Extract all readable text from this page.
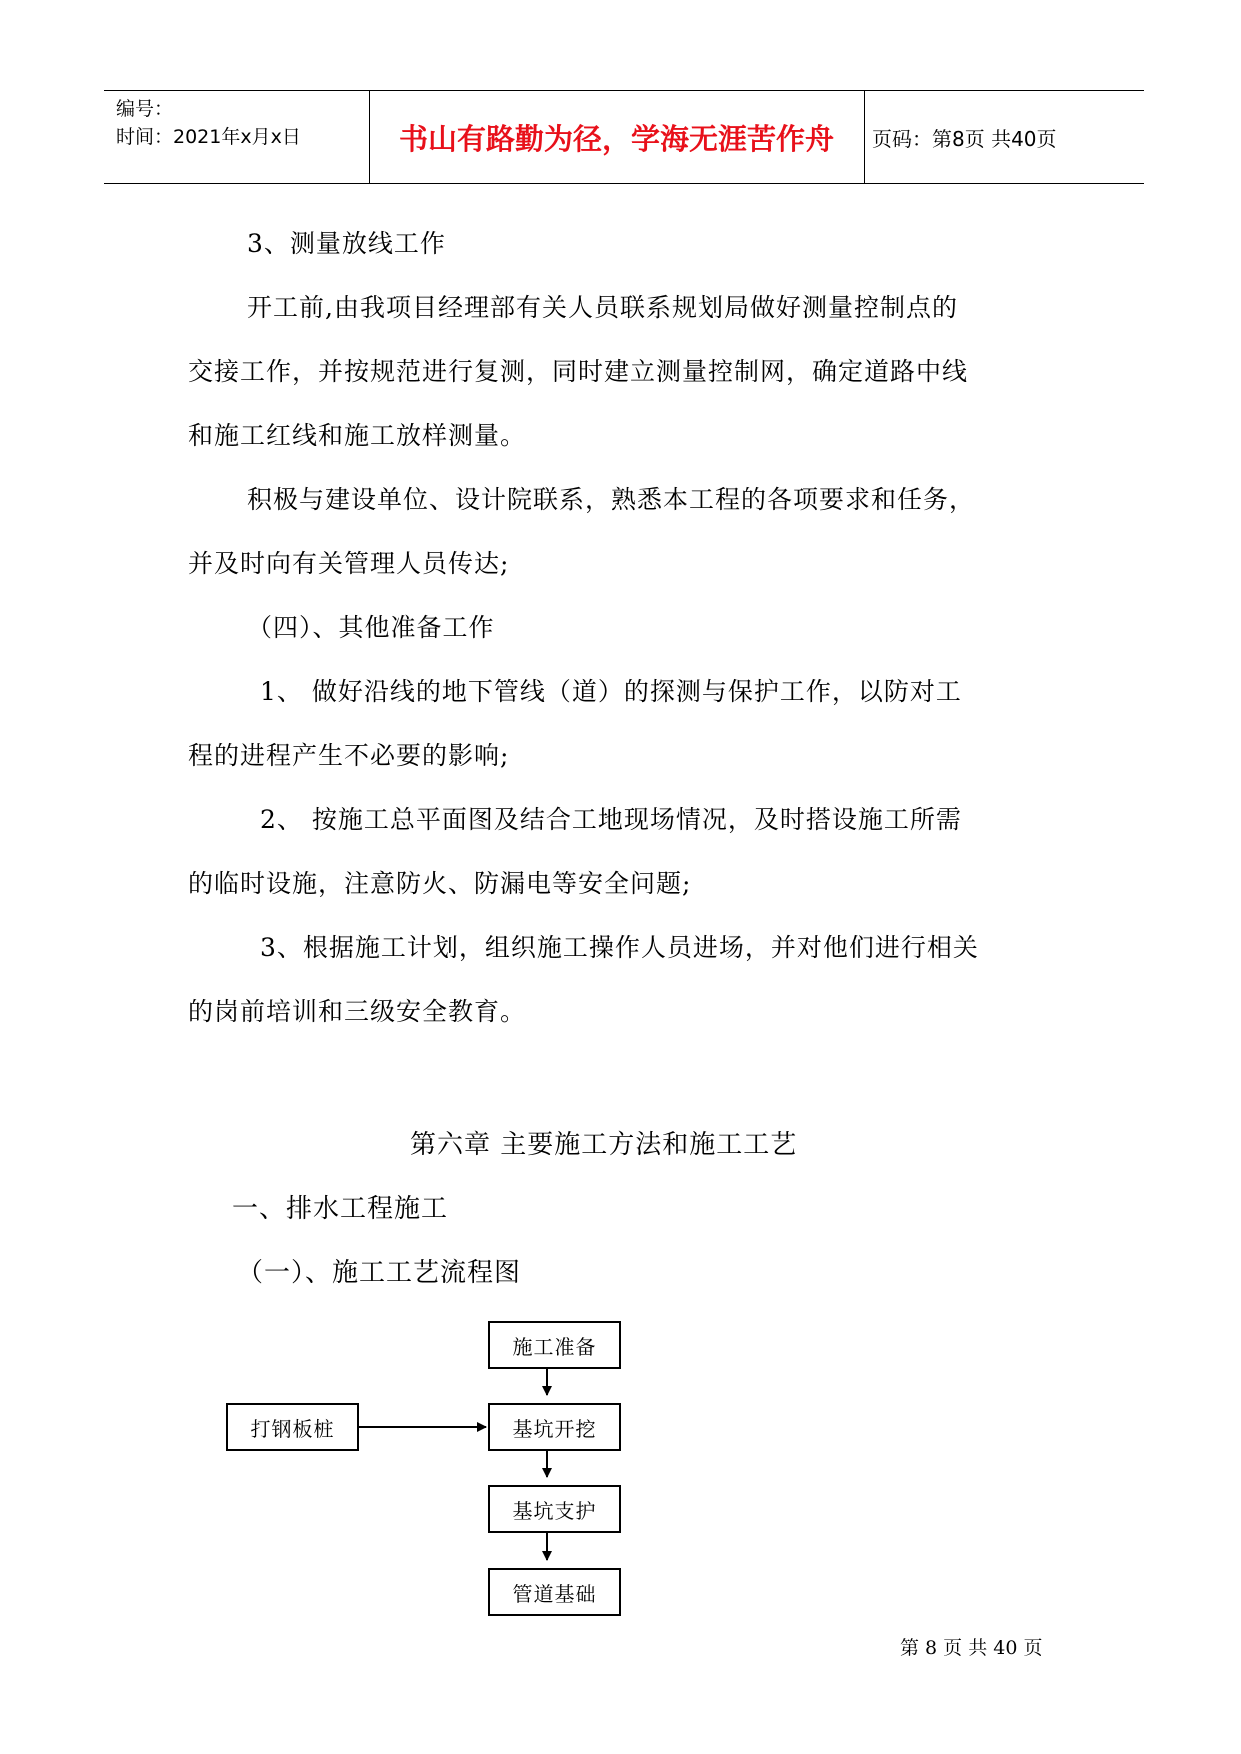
编号：
时间：2021年x月x日	书山有路勤为径，学海无涯苦作舟	页码：第8页 共40页

3、测量放线工作

开工前,由我项目经理部有关人员联系规划局做好测量控制点的

交接工作，并按规范进行复测，同时建立测量控制网，确定道路中线

和施工红线和施工放样测量。

积极与建设单位、设计院联系，熟悉本工程的各项要求和任务，

并及时向有关管理人员传达;

（四）、其他准备工作

1、 做好沿线的地下管线（道）的探测与保护工作，以防对工

程的进程产生不必要的影响;

2、 按施工总平面图及结合工地现场情况，及时搭设施工所需

的临时设施，注意防火、防漏电等安全问题;

3、根据施工计划，组织施工操作人员进场，并对他们进行相关

的岗前培训和三级安全教育。

第六章 主要施工方法和施工工艺

一、排水工程施工

（一）、施工工艺流程图

施工准备
基坑开挖
基坑支护
管道基础
打钢板桩
第 8 页 共 40 页
